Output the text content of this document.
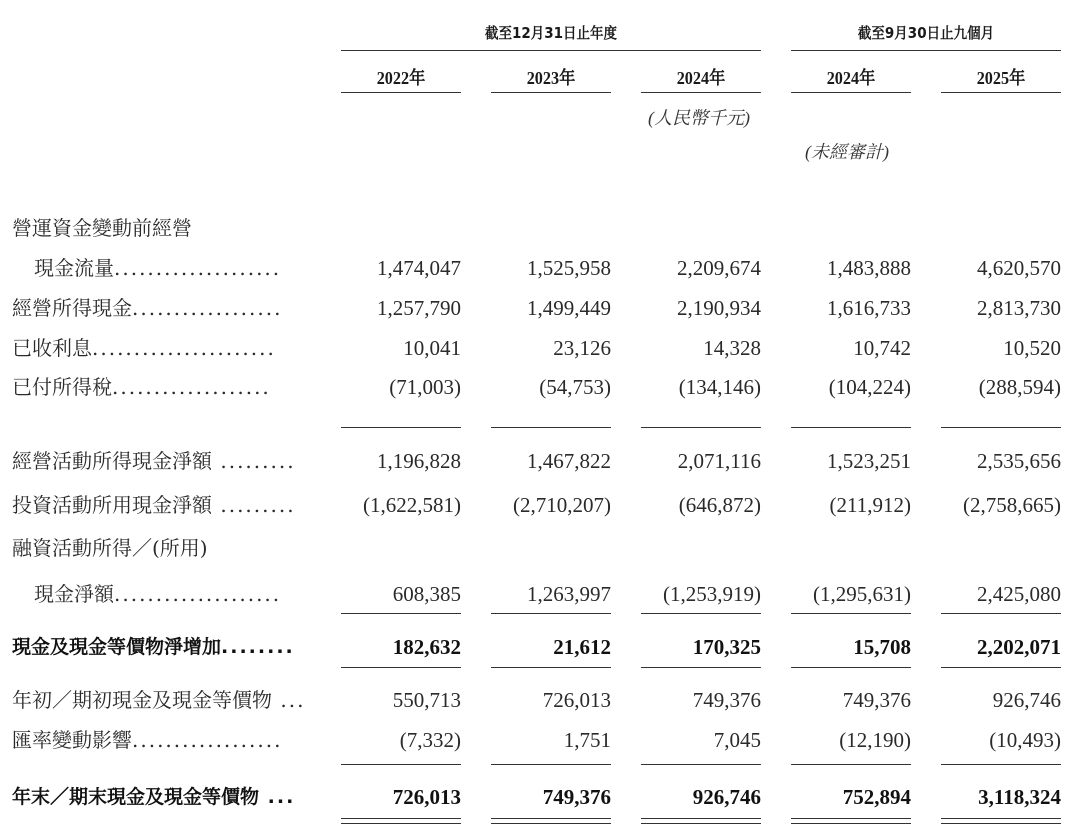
截至12月31日止年度	截至9月30日止九個月
2022年	2023年	2024年	2024年	2025年
(人民幣千元)
(未經審計)
營運資金變動前經營
現金流量....................	1,474,047	1,525,958	2,209,674	1,483,888	4,620,570
經營所得現金..................	1,257,790	1,499,449	2,190,934	1,616,733	2,813,730
已收利息......................	10,041	23,126	14,328	10,742	10,520
已付所得稅...................	(71,003)	(54,753)	(134,146)	(104,224)	(288,594)
經營活動所得現金淨額 .........	1,196,828	1,467,822	2,071,116	1,523,251	2,535,656
投資活動所用現金淨額 .........	(1,622,581)	(2,710,207)	(646,872)	(211,912)	(2,758,665)
融資活動所得／(所用)
現金淨額....................	608,385	1,263,997	(1,253,919)	(1,295,631)	2,425,080
現金及現金等價物淨增加........	182,632	21,612	170,325	15,708	2,202,071
年初／期初現金及現金等價物 ...	550,713	726,013	749,376	749,376	926,746
匯率變動影響..................	(7,332)	1,751	7,045	(12,190)	(10,493)
年末／期末現金及現金等價物 ...	726,013	749,376	926,746	752,894	3,118,324
